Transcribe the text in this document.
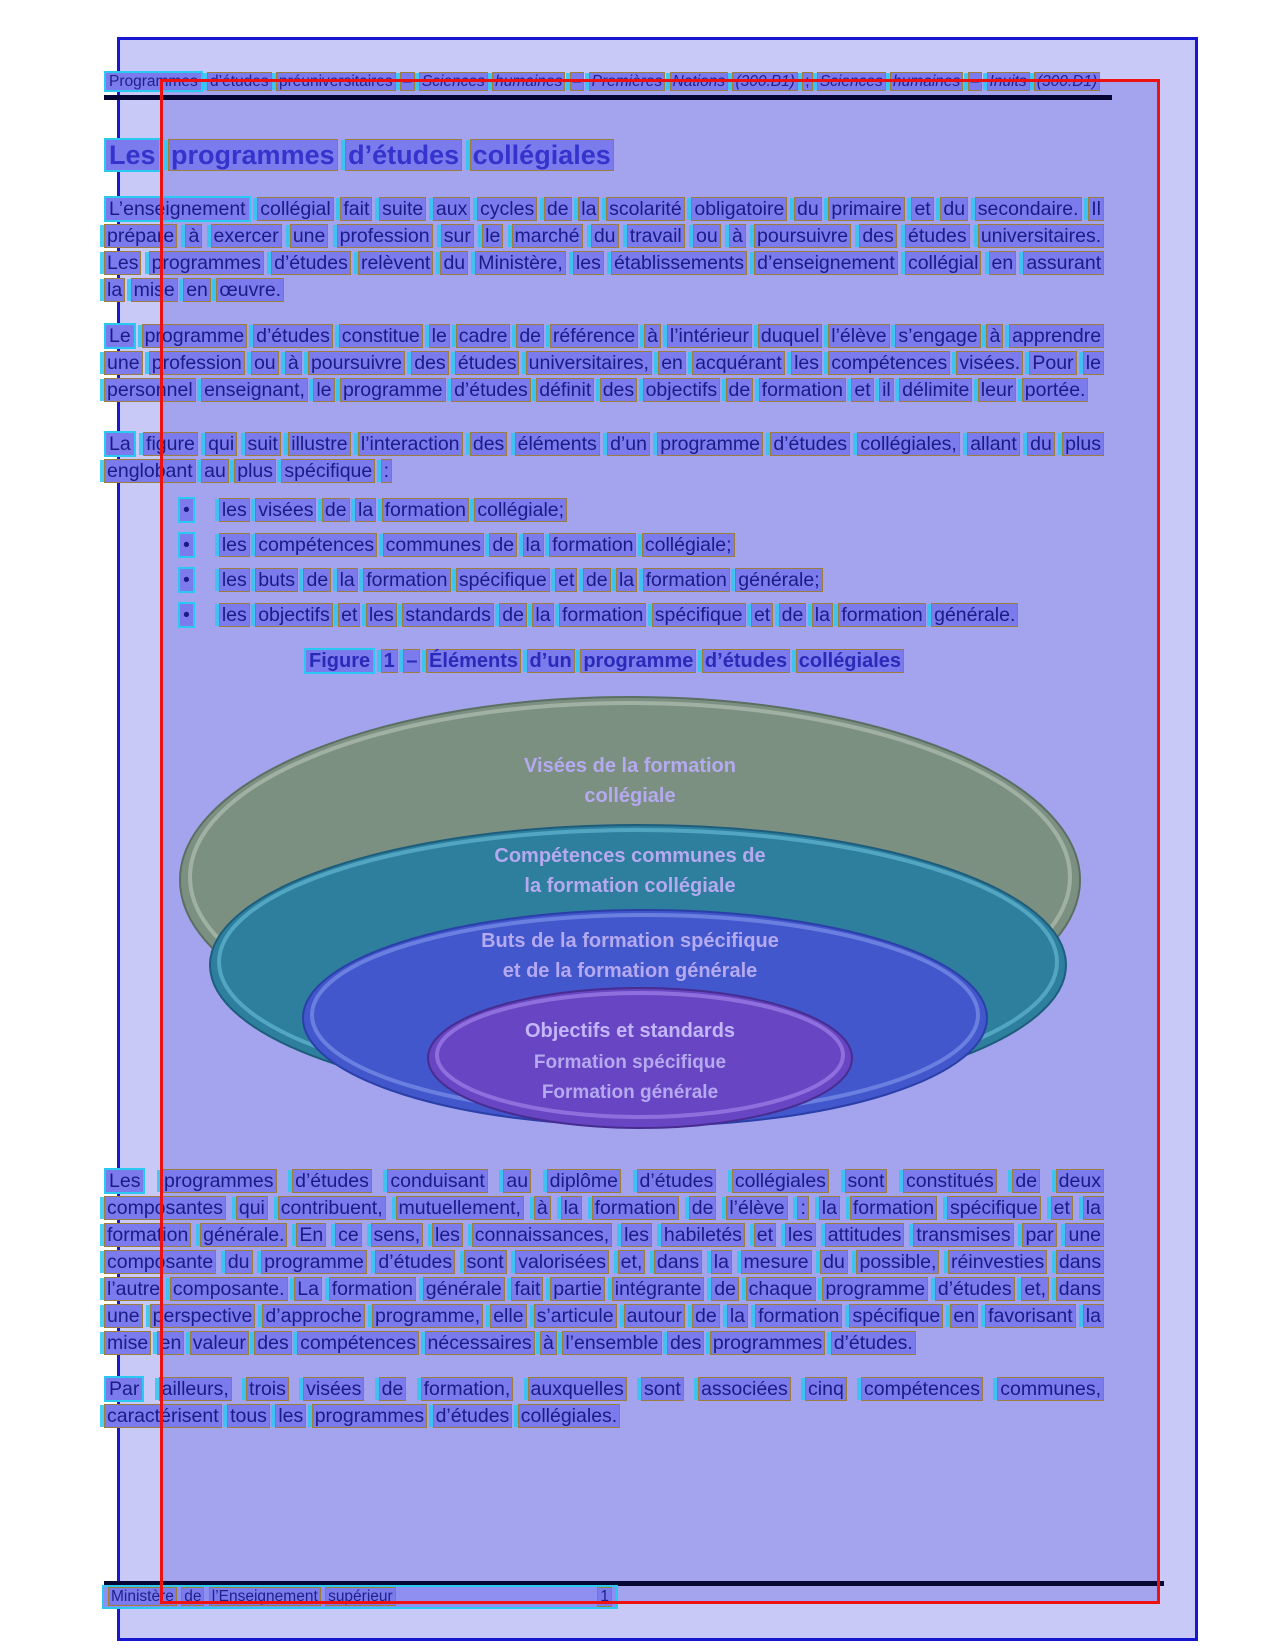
Programmes d’études préuniversitaires – Sciences humaines – Premières Nations (300.B1) ; Sciences humaines – Inuits (300.D1)
Les programmes d’études collégiales
L’enseignement collégial fait suite aux cycles de la scolarité obligatoire du primaire et du secondaire. Il prépare à exercer une profession sur le marché du travail ou à poursuivre des études universitaires. Les programmes d’études relèvent du Ministère, les établissements d’enseignement collégial en assurant la mise en œuvre.
Le programme d’études constitue le cadre de référence à l’intérieur duquel l’élève s’engage à apprendre une profession ou à poursuivre des études universitaires, en acquérant les compétences visées. Pour le personnel enseignant, le programme d’études définit des objectifs de formation et il délimite leur portée.
La figure qui suit illustre l’interaction des éléments d’un programme d’études collégiales, allant du plus englobant au plus spécifique :
• les visées de la formation collégiale;
• les compétences communes de la formation collégiale;
• les buts de la formation spécifique et de la formation générale;
• les objectifs et les standards de la formation spécifique et de la formation générale.
Figure 1 – Éléments d’un programme d’études collégiales
Visées de la formation
collégiale
Compétences communes de
la formation collégiale
Buts de la formation spécifique
et de la formation générale
Objectifs et standards
Formation spécifique
Formation générale
Les programmes d’études conduisant au diplôme d’études collégiales sont constitués de deux composantes qui contribuent, mutuellement, à la formation de l’élève : la formation spécifique et la formation générale. En ce sens, les connaissances, les habiletés et les attitudes transmises par une composante du programme d’études sont valorisées et, dans la mesure du possible, réinvesties dans l’autre composante. La formation générale fait partie intégrante de chaque programme d’études et, dans une perspective d’approche programme, elle s’articule autour de la formation spécifique en favorisant la mise en valeur des compétences nécessaires à l’ensemble des programmes d’études.
Par ailleurs, trois visées de formation, auxquelles sont associées cinq compétences communes, caractérisent tous les programmes d’études collégiales.
Ministère de l’Enseignement supérieur	1
